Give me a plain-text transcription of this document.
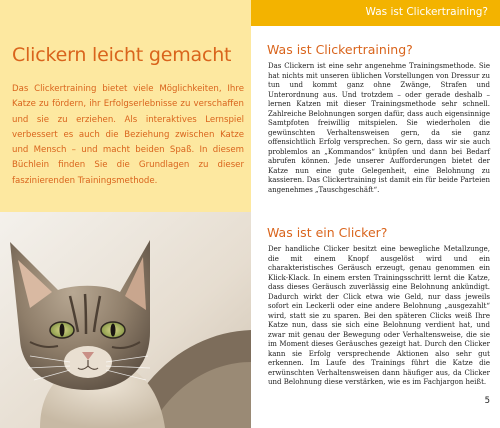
Was ist Clickertraining?
Clickern leicht gemacht

Das Clickertraining bietet viele Möglichkeiten, Ihre Katze zu fördern, ihr Erfolgserlebnisse zu verschaffen und sie zu erziehen. Als interaktives Lernspiel verbessert es auch die Beziehung zwischen Katze und Mensch – und macht beiden Spaß. In diesem Büchlein finden Sie die Grundlagen zu dieser faszinierenden Trainingsmethode.

Was ist Clickertraining?

Das Clickern ist eine sehr angenehme Trainingsmethode. Sie hat nichts mit unseren üblichen Vorstellungen von Dressur zu tun und kommt ganz ohne Zwänge, Strafen und Unterordnung aus. Und trotzdem – oder gerade deshalb – lernen Katzen mit dieser Trainingsmethode sehr schnell. Zahlreiche Belohnungen sorgen dafür, dass auch eigensinnige Samtpfoten freiwillig mitspielen. Sie wiederholen die gewünschten Verhaltensweisen gern, da sie ganz offensichtlich Erfolg versprechen. So gern, dass wir sie auch problemlos an „Kommandos“ knüpfen und dann bei Bedarf abrufen können. Jede unserer Aufforderungen bietet der Katze nun eine gute Gelegenheit, eine Belohnung zu kassieren. Das Clickertraining ist damit ein für beide Parteien angenehmes „Tauschgeschäft“.

Was ist ein Clicker?

Der handliche Clicker besitzt eine bewegliche Metallzunge, die mit einem Knopf ausgelöst wird und ein charakteristisches Geräusch erzeugt, genau genommen ein Klick-Klack. In einem ersten Trainingsschritt lernt die Katze, dass dieses Geräusch zuverlässig eine Belohnung ankündigt. Dadurch wirkt der Click etwa wie Geld, nur dass jeweils sofort ein Leckerli oder eine andere Belohnung „ausgezahlt“ wird, statt sie zu sparen. Bei den späteren Clicks weiß Ihre Katze nun, dass sie sich eine Belohnung verdient hat, und zwar mit genau der Bewegung oder Verhaltensweise, die sie im Moment dieses Geräusches gezeigt hat. Durch den Clicker kann sie Erfolg versprechende Aktionen also sehr gut erkennen. Im Laufe des Trainings führt die Katze die erwünschten Verhaltensweisen dann häufiger aus, da Clicker und Belohnung diese verstärken, wie es im Fachjargon heißt.

5
